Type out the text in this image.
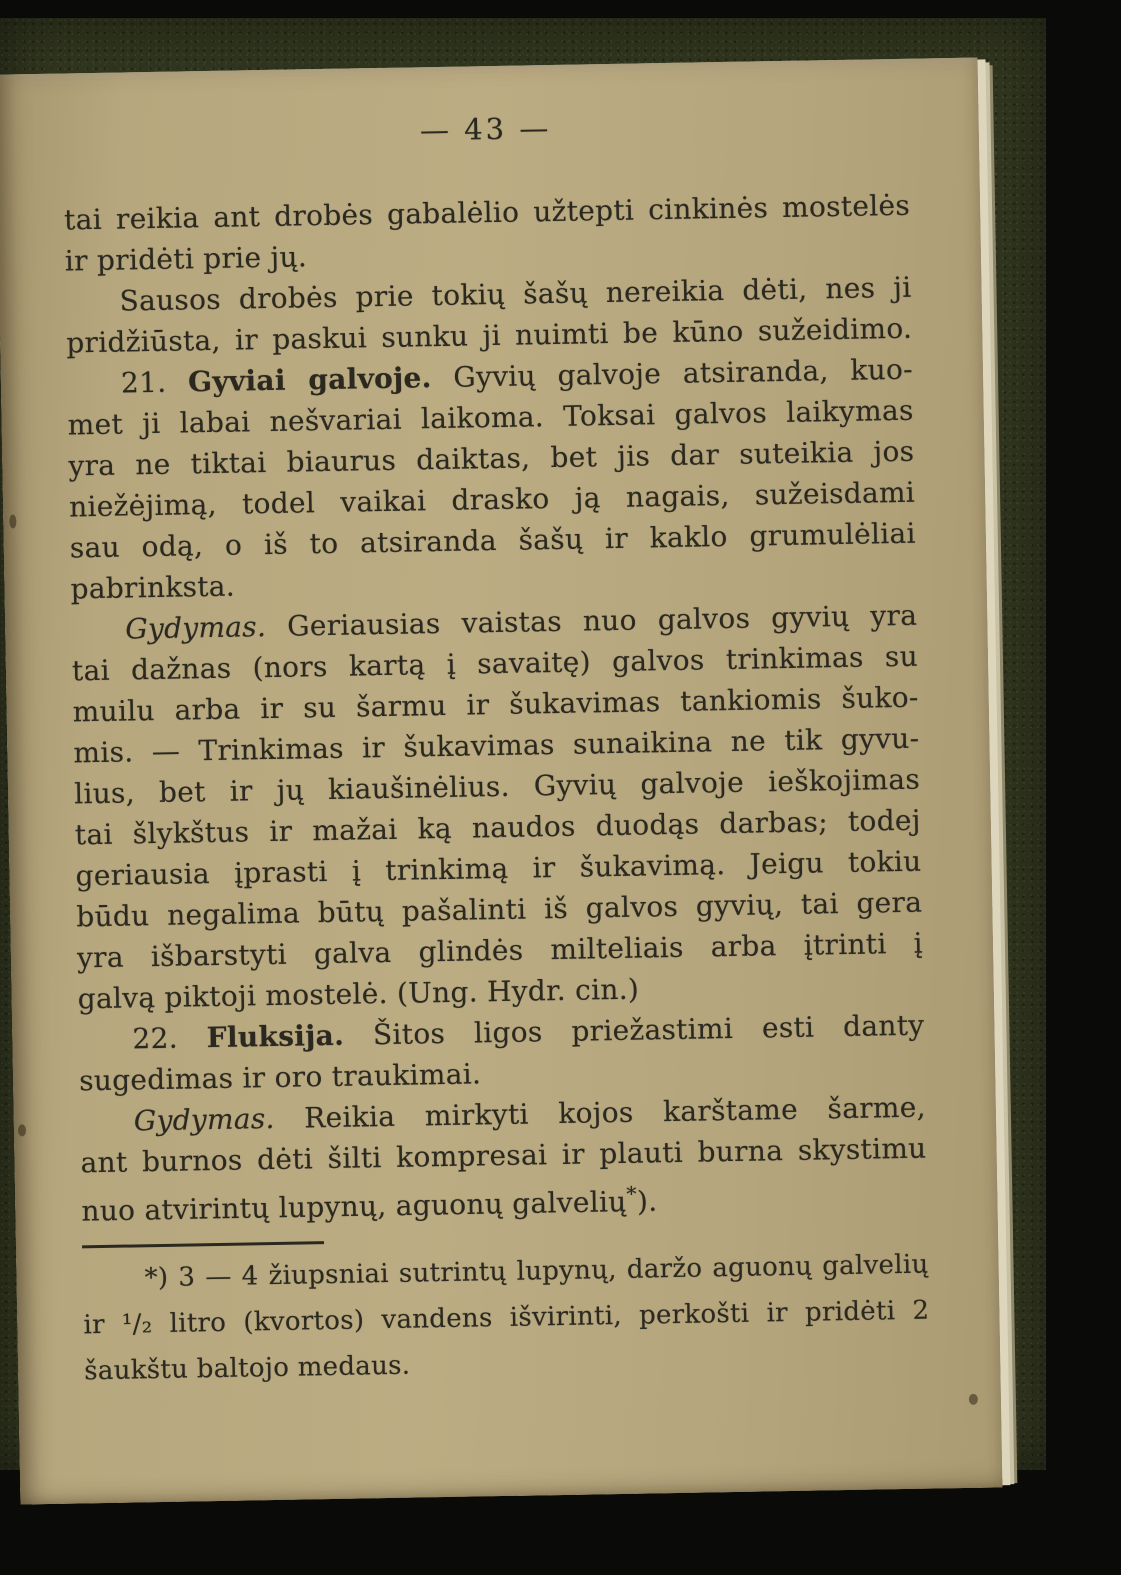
— 43 —
tai reikia ant drobės gabalėlio užtepti cinkinės mostelės
ir pridėti prie jų.
Sausos drobės prie tokių šašų nereikia dėti, nes ji
pridžiūsta, ir paskui sunku ji nuimti be kūno sužeidimo.
21. Gyviai galvoje. Gyvių galvoje atsiranda, kuo-
met ji labai nešvariai laikoma. Toksai galvos laikymas
yra ne tiktai biaurus daiktas, bet jis dar suteikia jos
niežėjimą, todel vaikai drasko ją nagais, sužeisdami
sau odą, o iš to atsiranda šašų ir kaklo grumulėliai
pabrinksta.
Gydymas. Geriausias vaistas nuo galvos gyvių yra
tai dažnas (nors kartą į savaitę) galvos trinkimas su
muilu arba ir su šarmu ir šukavimas tankiomis šuko-
mis. — Trinkimas ir šukavimas sunaikina ne tik gyvu-
lius, bet ir jų kiaušinėlius. Gyvių galvoje ieškojimas
tai šlykštus ir mažai ką naudos duodąs darbas; todej
geriausia įprasti į trinkimą ir šukavimą. Jeigu tokiu
būdu negalima būtų pašalinti iš galvos gyvių, tai gera
yra išbarstyti galva glindės milteliais arba įtrinti į
galvą piktoji mostelė. (Ung. Hydr. cin.)
22. Fluksija. Šitos ligos priežastimi esti danty
sugedimas ir oro traukimai.
Gydymas. Reikia mirkyti kojos karštame šarme,
ant burnos dėti šilti kompresai ir plauti burna skystimu
nuo atvirintų lupynų, aguonų galvelių*).
*) 3 — 4 žiupsniai sutrintų lupynų, daržo aguonų galvelių
ir ¹/₂ litro (kvortos) vandens išvirinti, perkošti ir pridėti 2
šaukštu baltojo medaus.
